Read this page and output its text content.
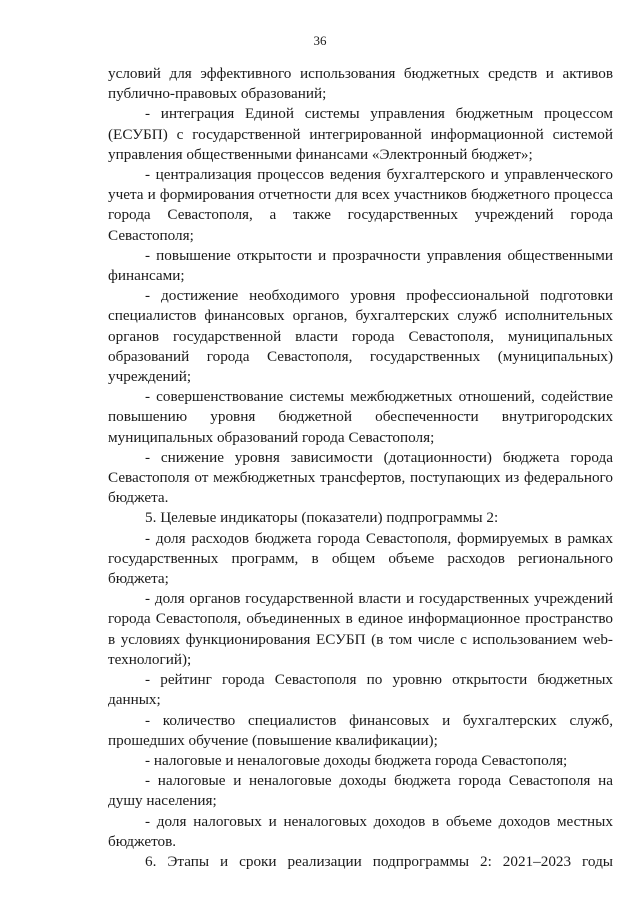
36

условий для эффективного использования бюджетных средств и активов публично-правовых образований;

- интеграция Единой системы управления бюджетным процессом (ЕСУБП) с государственной интегрированной информационной системой управления общественными финансами «Электронный бюджет»;

- централизация процессов ведения бухгалтерского и управленческого учета и формирования отчетности для всех участников бюджетного процесса города Севастополя, а также государственных учреждений города Севастополя;

- повышение открытости и прозрачности управления общественными финансами;

- достижение необходимого уровня профессиональной подготовки специалистов финансовых органов, бухгалтерских служб исполнительных органов государственной власти города Севастополя, муниципальных образований города Севастополя, государственных (муниципальных) учреждений;

- совершенствование системы межбюджетных отношений, содействие повышению уровня бюджетной обеспеченности внутригородских муниципальных образований города Севастополя;

- снижение уровня зависимости (дотационности) бюджета города Севастополя от межбюджетных трансфертов, поступающих из федерального бюджета.

5. Целевые индикаторы (показатели) подпрограммы 2:

- доля расходов бюджета города Севастополя, формируемых в рамках государственных программ, в общем объеме расходов регионального бюджета;

- доля органов государственной власти и государственных учреждений города Севастополя, объединенных в единое информационное пространство в условиях функционирования ЕСУБП (в том числе с использованием web-технологий);

- рейтинг города Севастополя по уровню открытости бюджетных данных;

- количество специалистов финансовых и бухгалтерских служб, прошедших обучение (повышение квалификации);

- налоговые и неналоговые доходы бюджета города Севастополя;

- налоговые и неналоговые доходы бюджета города Севастополя на душу населения;

- доля налоговых и неналоговых доходов в объеме доходов местных бюджетов.

6. Этапы и сроки реализации подпрограммы 2: 2021–2023 годы
